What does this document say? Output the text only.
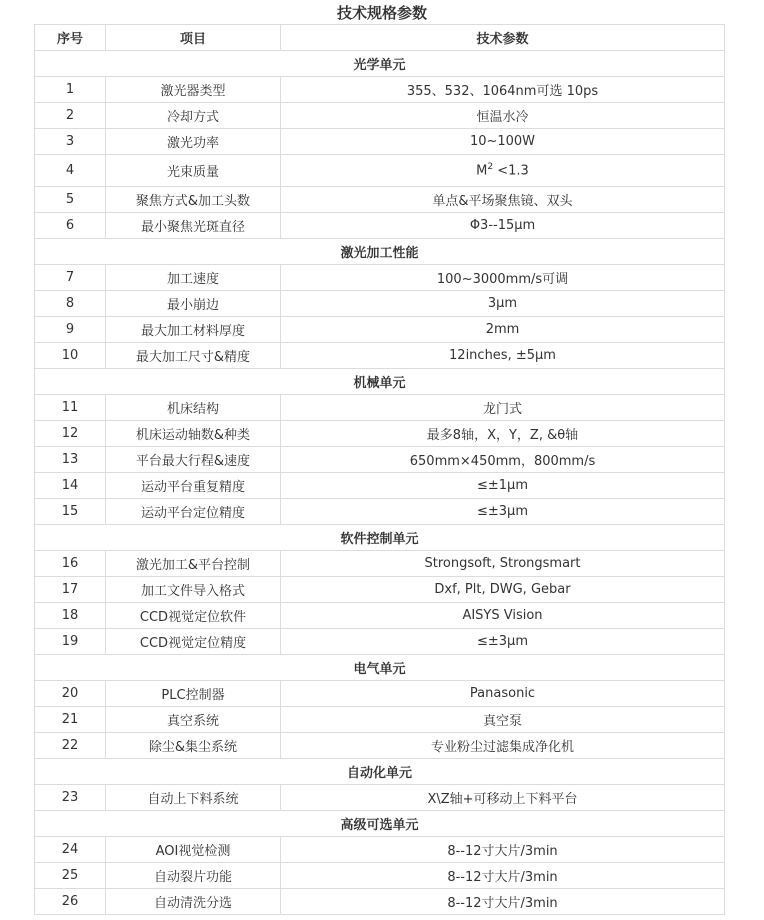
技术规格参数
序号	项目	技术参数
光学单元		
1	激光器类型	355、532、1064nm可选 10ps
2	冷却方式	恒温水冷
3	激光功率	10~100W
4	光束质量	$M^2 <1.3$
5	聚焦方式&加工头数	单点&平场聚焦镜、双头
6	最小聚焦光斑直径	Φ3--15μm
激光加工性能		
7	加工速度	100~3000mm/s可调
8	最小崩边	3μm
9	最大加工材料厚度	2mm
10	最大加工尺寸&精度	12inches, ±5μm
机械单元		
11	机床结构	龙门式
12	机床运动轴数&种类	最多8轴，X，Y，Z, &θ轴
13	平台最大行程&速度	650mm×450mm，800mm/s
14	运动平台重复精度	≤±1μm
15	运动平台定位精度	≤±3μm
软件控制单元		
16	激光加工&平台控制	Strongsoft, Strongsmart
17	加工文件导入格式	Dxf, Plt, DWG, Gebar
18	CCD视觉定位软件	AISYS Vision
19	CCD视觉定位精度	≤±3μm
电气单元		
20	PLC控制器	Panasonic
21	真空系统	真空泵
22	除尘&集尘系统	专业粉尘过滤集成净化机
自动化单元		
23	自动上下料系统	X\Z轴+可移动上下料平台
高级可选单元		
24	AOI视觉检测	8--12寸大片/3min
25	自动裂片功能	8--12寸大片/3min
26	自动清洗分选	8--12寸大片/3min
